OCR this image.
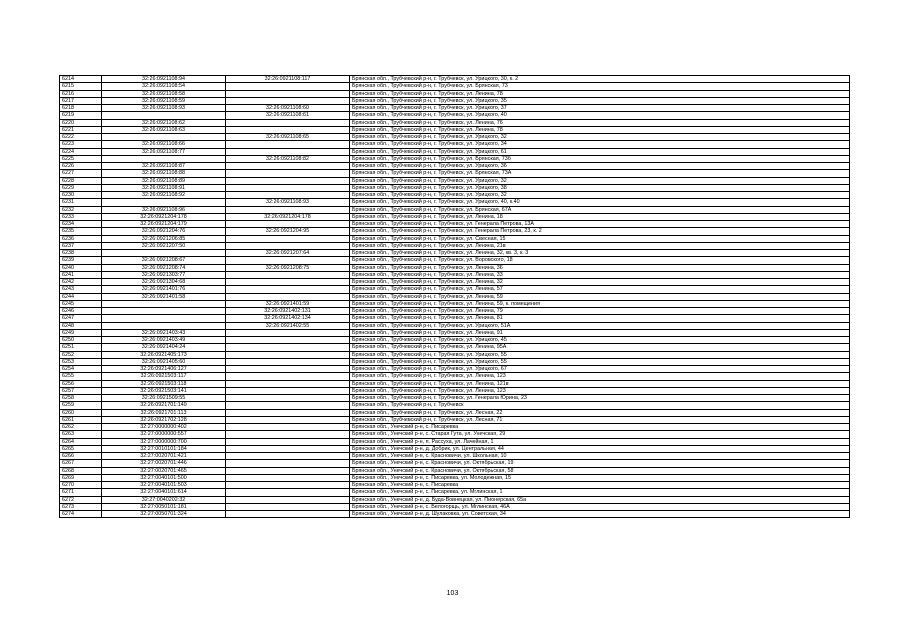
6214	32:26:0921108:94	32:26:0921108:117	Брянская обл., Трубчевский р-н, г. Трубчевск, ул. Урицкого, 30, к. 2
6215	32:26:0921108:54		Брянская обл., Трубчевский р-н, г. Трубчевск, ул. Брянская, 73
6216	32:26:0921108:58		Брянская обл., Трубчевский р-н, г. Трубчевск, ул. Ленина, 78
6217	32:26:0921108:59		Брянская обл., Трубчевский р-н, г. Трубчевск, ул. Урицкого, 35
6218	32:26:0921108:93	32:26:0921108:60	Брянская обл., Трубчевский р-н, г. Трубчевск, ул. Урицкого, 37
6219		32:26:0921108:61	Брянская обл., Трубчевский р-н, г. Трубчевск, ул. Урицкого, 40
6220	32:26:0921108:62		Брянская обл., Трубчевский р-н, г. Трубчевск, ул. Ленина, 76
6221	32:26:0921108:63		Брянская обл., Трубчевский р-н, г. Трубчевск, ул. Ленина, 78
6222		32:26:0921108:65	Брянская обл., Трубчевский р-н, г. Трубчевск, ул. Урицкого, 32
6223	32:26:0921108:66		Брянская обл., Трубчевский р-н, г. Трубчевск, ул. Урицкого, 34
6224	32:26:0921108:77		Брянская обл., Трубчевский р-н, г. Трубчевск, ул. Урицкого, 61
6225		32:26:0921108:82	Брянская обл., Трубчевский р-н, г. Трубчевск, ул. Брянская, 73б
6226	32:26:0921108:87		Брянская обл., Трубчевский р-н, г. Трубчевск, ул. Урицкого, 36
6227	32:26:0921108:88		Брянская обл., Трубчевский р-н, г. Трубчевск, ул. Брянская, 73А
6228	32:26:0921108:89		Брянская обл., Трубчевский р-н, г. Трубчевск, ул. Урицкого, 32
6229	32:26:0921108:91		Брянская обл., Трубчевский р-н, г. Трубчевск, ул. Урицкого, 38
6230	32:26:0921108:92		Брянская обл., Трубчевский р-н, г. Трубчевск, ул. Урицкого, 32
6231		32:26:0921108:93	Брянская обл., Трубчевский р-н, г. Трубчевск, ул. Урицкого, 40, к.40
6232	32:26:0921108:96		Брянская обл., Трубчевский р-н, г. Трубчевск, ул. Брянская, 67А
6233	32:26:0921204:178	32:26:0921204:178	Брянская обл., Трубчевский р-н, г. Трубчевск, ул. Ленина, 18
6234	32:26:0921204:179		Брянская обл., Трубчевский р-н, г. Трубчевск, ул. Генерала Петрова, 13А
6235	32:26:0921204:76	32:26:0921204:95	Брянская обл., Трубчевский р-н, г. Трубчевск, ул. Генерала Петрова, 23, к. 2
6236	32:26:0921206:85		Брянская обл., Трубчевский р-н, г. Трубчевск, ул. Свесная, 15
6237	32:26:0921207:50		Брянская обл., Трубчевский р-н, г. Трубчевск, ул. Ленина, 21в
6238		32:26:0921207:64	Брянская обл., Трубчевский р-н, г. Трубчевск, ул. Ленина, 32, кв. 3, к. 3
6239	32:26:0921208:67		Брянская обл., Трубчевский р-н, г. Трубчевск, ул. Воровского, 18
6240	32:26:0921208:74	32:26:0921208:75	Брянская обл., Трубчевский р-н, г. Трубчевск, ул. Ленина, 36
6241	32:26:0921303:77		Брянская обл., Трубчевский р-н, г. Трубчевск, ул. Ленина, 33
6242	32:26:0921304:68		Брянская обл., Трубчевский р-н, г. Трубчевск, ул. Ленина, 32
6243	32:26:0921401:76		Брянская обл., Трубчевский р-н, г. Трубчевск, ул. Ленина, 57
6244	32:26:0921401:58		Брянская обл., Трубчевский р-н, г. Трубчевск, ул. Ленина, 59
6245		32:26:0921401:59	Брянская обл., Трубчевский р-н, г. Трубчевск, ул. Ленина, 59, к. помещения
6246		32:26:0921402:131	Брянская обл., Трубчевский р-н, г. Трубчевск, ул. Ленина, 79
6247		32:26:0921402:134	Брянская обл., Трубчевский р-н, г. Трубчевск, ул. Ленина, 81
6248		32:26:0921402:55	Брянская обл., Трубчевский р-н, г. Трубчевск, ул. Урицкого, 51А
6249	32:26:0921403:43		Брянская обл., Трубчевский р-н, г. Трубчевск, ул. Ленина, 91
6250	32:26:0921403:49		Брянская обл., Трубчевский р-н, г. Трубчевск, ул. Урицкого, 45
6251	32:26:0921404:24		Брянская обл., Трубчевский р-н, г. Трубчевск, ул. Ленина, 95А
6252	32:26:0921405:173		Брянская обл., Трубчевский р-н, г. Трубчевск, ул. Урицкого, 55
6253	32:26:0921405:60		Брянская обл., Трубчевский р-н, г. Трубчевск, ул. Урицкого, 55
6254	32:26:0921406:127		Брянская обл., Трубчевский р-н, г. Трубчевск, ул. Урицкого, 67
6255	32:26:0921503:117		Брянская обл., Трубчевский р-н, г. Трубчевск, ул. Ленина, 123
6256	32:26:0921503:118		Брянская обл., Трубчевский р-н, г. Трубчевск, ул. Ленина, 121в
6257	32:26:0921503:141		Брянская обл., Трубчевский р-н, г. Трубчевск, ул. Ленина, 123
6258	32:26:0921509:55		Брянская обл., Трубчевский р-н, г. Трубчевск, ул. Генерала Юрина, 23
6259	32:26:0921701:149		Брянская обл., Трубчевский р-н, г. Трубчевск
6260	32:26:0921701:113		Брянская обл., Трубчевский р-н, г. Трубчевск, ул. Лесная, 22
6261	32:26:0921702:128		Брянская обл., Трубчевский р-н, г. Трубчевск, ул. Лесная, 71
6262	32:27:0000000:402		Брянская обл., Унечский р-н, с. Писаревка
6263	32:27:0000000:557		Брянская обл., Унечский р-н, с. Старая Гута, ул. Унечская, 29
6264	32:27:0000000:700		Брянская обл., Унечский р-н, п. Рассуха, ул. Лачейная, 1
6265	32:27:0010101:184		Брянская обл., Унечский р-н, д. Добрик, ул. Центральная, 44
6266	32:27:0020701:421		Брянская обл., Унечский р-н, с. Красновичи, ул. Школьная, 10
6267	32:27:0020701:446		Брянская обл., Унечский р-н, с. Красновичи, ул. Октябрьская, 19
6268	32:27:0020701:465		Брянская обл., Унечский р-н, с. Красновичи, ул. Октябрьская, 58
6269	32:27:0040101:500		Брянская обл., Унечский р-н, с. Писаревка, ул. Молодежная, 15
6270	32:27:0040101:503		Брянская обл., Унечский р-н, с. Писаревка
6271	32:27:0040101:614		Брянская обл., Унечский р-н, с. Писаревка, ул. Мглинская, 1
6272	32:27:0040202:32		Брянская обл., Унечский р-н, д. Буда-Вовнецкая, ул. Пионерская, 65а
6273	32:27:0050101:181		Брянская обл., Унечский р-н, с. Белогорщь, ул. Мглинская, 46А
6274	32:27:0050701:324		Брянская обл., Унечский р-н, д. Шулаковка, ул. Советская, 34
103
